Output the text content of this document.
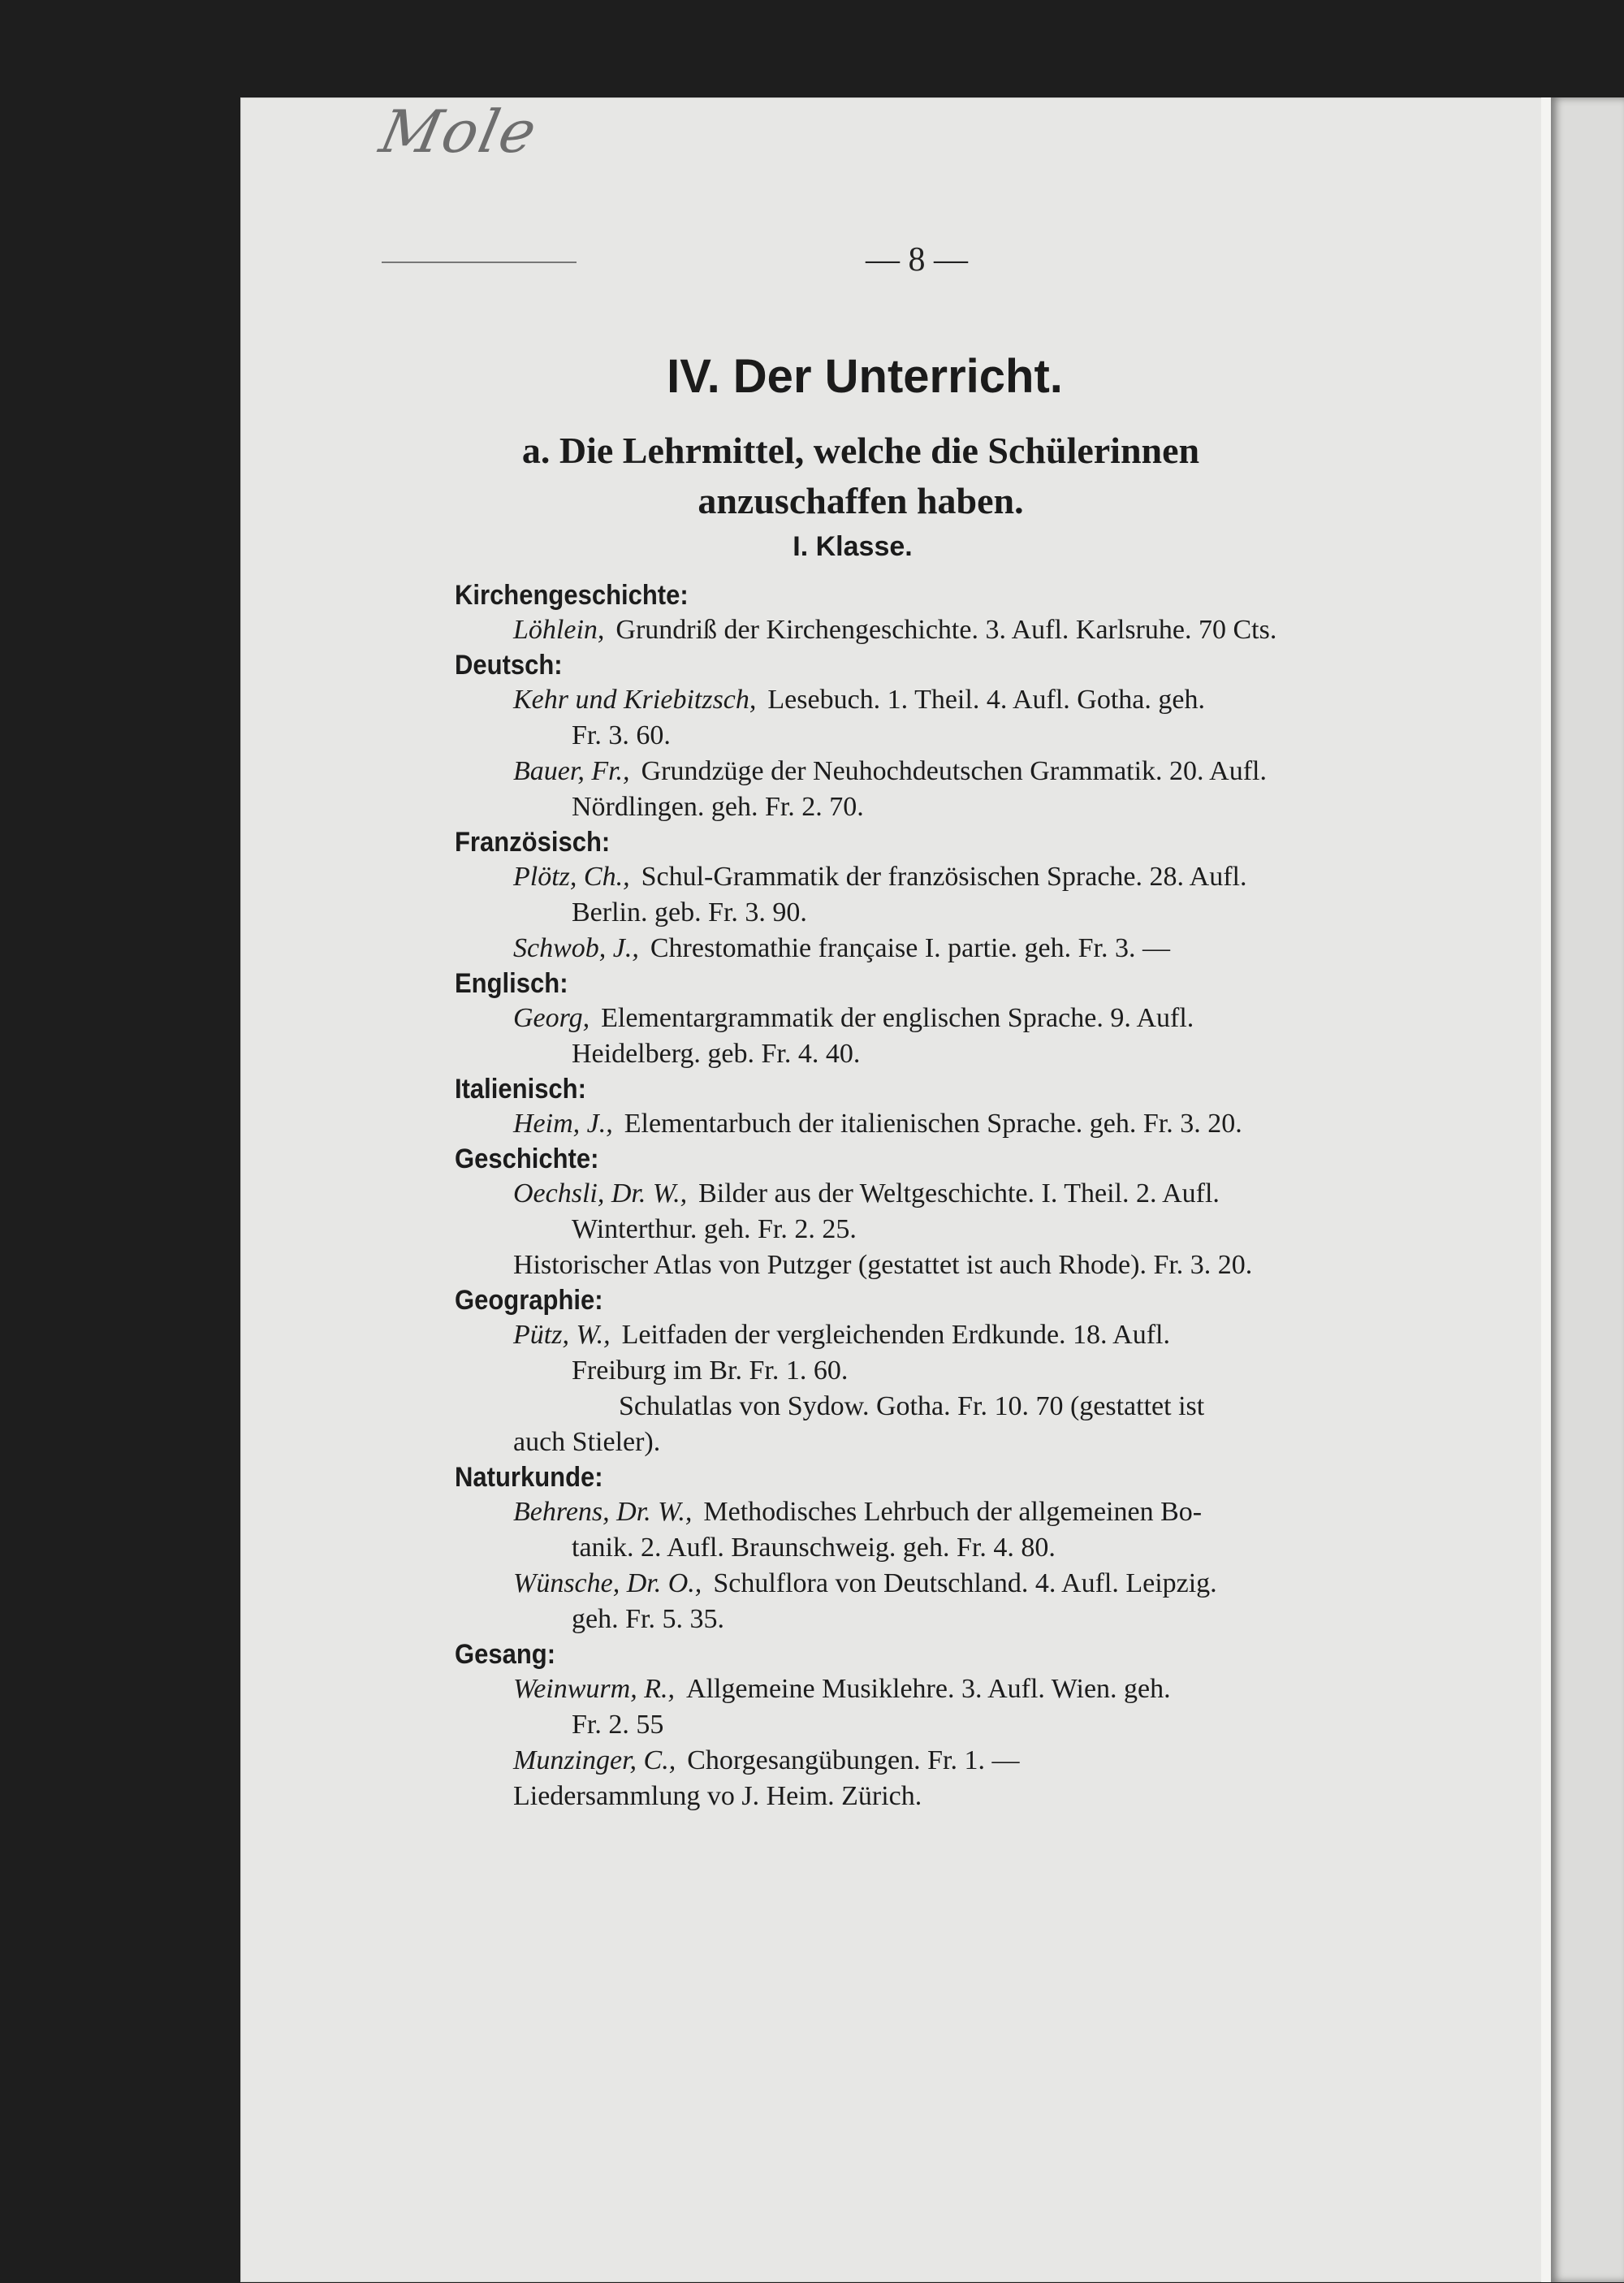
Mole
— 8 —
IV. Der Unterricht.
a. Die Lehrmittel, welche die Schülerinnen
anzuschaffen haben.
I. Klasse.
Kirchengeschichte:
Löhlein, Grundriß der Kirchengeschichte. 3. Aufl. Karlsruhe. 70 Cts.
Deutsch:
Kehr und Kriebitzsch, Lesebuch. 1. Theil. 4. Aufl. Gotha. geh.
Fr. 3. 60.
Bauer, Fr., Grundzüge der Neuhochdeutschen Grammatik. 20. Aufl.
Nördlingen. geh. Fr. 2. 70.
Französisch:
Plötz, Ch., Schul-Grammatik der französischen Sprache. 28. Aufl.
Berlin. geb. Fr. 3. 90.
Schwob, J., Chrestomathie française I. partie. geh. Fr. 3. —
Englisch:
Georg, Elementargrammatik der englischen Sprache. 9. Aufl.
Heidelberg. geb. Fr. 4. 40.
Italienisch:
Heim, J., Elementarbuch der italienischen Sprache. geh. Fr. 3. 20.
Geschichte:
Oechsli, Dr. W., Bilder aus der Weltgeschichte. I. Theil. 2. Aufl.
Winterthur. geh. Fr. 2. 25.
Historischer Atlas von Putzger (gestattet ist auch Rhode). Fr. 3. 20.
Geographie:
Pütz, W., Leitfaden der vergleichenden Erdkunde. 18. Aufl.
Freiburg im Br. Fr. 1. 60.
Schulatlas von Sydow. Gotha. Fr. 10. 70 (gestattet ist
auch Stieler).
Naturkunde:
Behrens, Dr. W., Methodisches Lehrbuch der allgemeinen Bo-
tanik. 2. Aufl. Braunschweig. geh. Fr. 4. 80.
Wünsche, Dr. O., Schulflora von Deutschland. 4. Aufl. Leipzig.
geh. Fr. 5. 35.
Gesang:
Weinwurm, R., Allgemeine Musiklehre. 3. Aufl. Wien. geh.
Fr. 2. 55
Munzinger, C., Chorgesangübungen. Fr. 1. —
Liedersammlung vo J. Heim. Zürich.
